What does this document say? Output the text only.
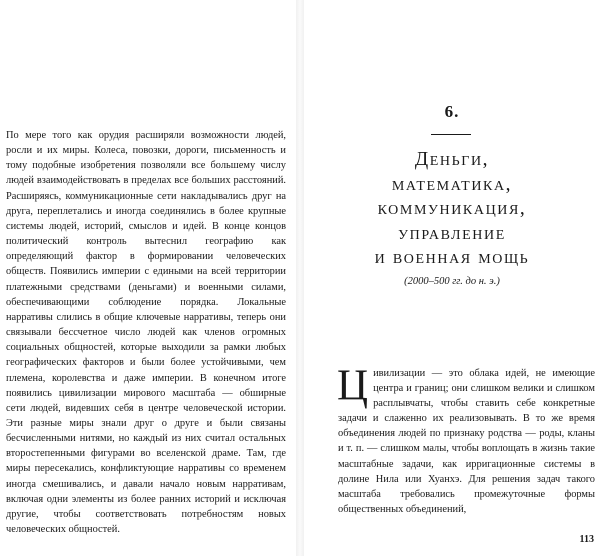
По мере того как орудия расширяли возможности людей, росли и их миры. Колеса, повозки, дороги, письменность и тому подобные изобретения позволяли все большему числу людей взаимодействовать в пределах все больших расстояний. Расширяясь, коммуникационные сети накладывались друг на друга, переплетались и иногда соединялись в более крупные системы людей, историй, смыслов и идей. В конце концов политический контроль вытеснил географию как определяющий фактор в формировании человеческих обществ. Появились империи с едиными на всей территории платежными средствами (деньгами) и военными силами, обеспечивающими соблюдение порядка. Локальные нарративы слились в общие ключевые нарративы, теперь они связывали бессчетное число людей как членов огромных социальных общностей, которые выходили за рамки любых географических факторов и были более устойчивыми, чем племена, королевства и даже империи. В конечном итоге появились цивилизации мирового масштаба — обширные сети людей, видевших себя в центре человеческой истории. Эти разные миры знали друг о друге и были связаны бесчисленными нитями, но каждый из них считал остальных второстепенными фигурами во вселенской драме. Там, где миры пересекались, конфликтующие нарративы со временем иногда смешивались, и давали начало новым нарративам, включая одни элементы из более ранних историй и исключая другие, чтобы соответствовать потребностям новых человеческих общностей.

6.
Деньги,
математика,
коммуникация,
управление
и военная мощь
(2000–500 гг. до н. э.)

Цивилизации — это облака идей, не имеющие центра и границ; они слишком велики и слишком расплывчаты, чтобы ставить себе конкретные задачи и слаженно их реализовывать. В то же время объединения людей по признаку родства — роды, кланы и т. п. — слишком малы, чтобы воплощать в жизнь такие масштабные задачи, как ирригационные системы в долине Нила или Хуанхэ. Для решения задач такого масштаба требовались промежуточные формы общественных объединений,

113
